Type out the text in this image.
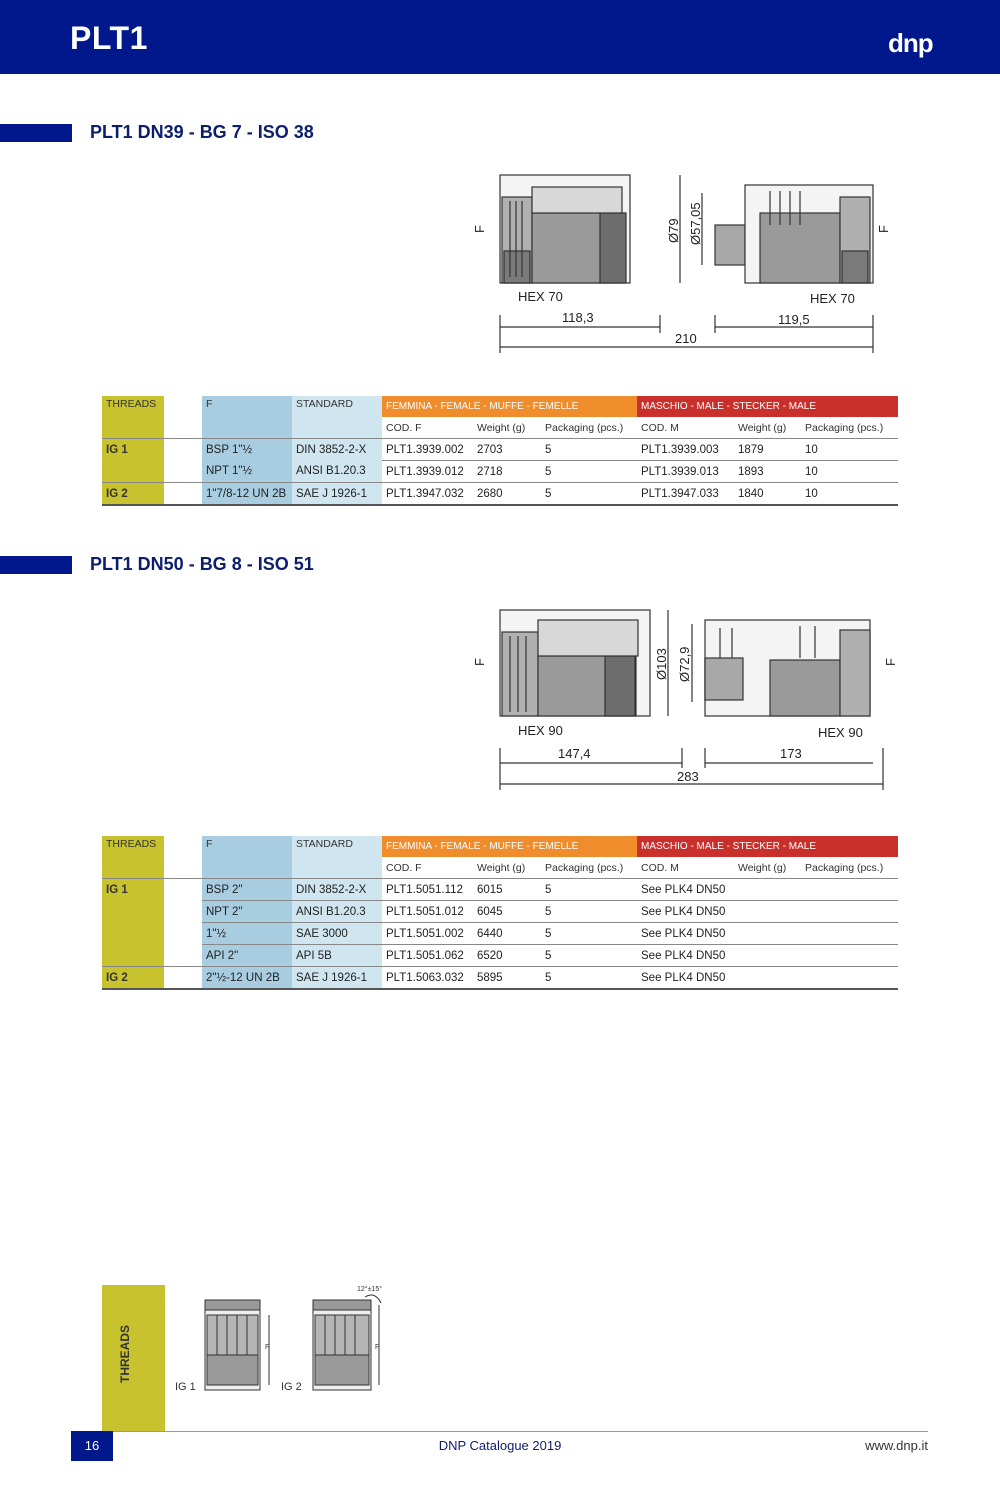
PLT1	dnp
PLT1 DN39 - BG 7 - ISO 38
F	F
Ø79 Ø57,05
HEX 70	HEX 70
118,3	119,5
210
THREADS		F	STANDARD	FEMMINA - FEMALE - MUFFE - FEMELLE			MASCHIO - MALE - STECKER - MALE		
				COD. F	Weight (g)	Packaging (pcs.)	COD. M	Weight (g)	Packaging (pcs.)
IG 1		BSP 1"½	DIN 3852-2-X	PLT1.3939.002	2703	5	PLT1.3939.003	1879	10
		NPT 1"½	ANSI B1.20.3	PLT1.3939.012	2718	5	PLT1.3939.013	1893	10
IG 2		1"7/8-12 UN 2B	SAE J 1926-1	PLT1.3947.032	2680	5	PLT1.3947.033	1840	10
PLT1 DN50 - BG 8 - ISO 51
F	F
Ø103 Ø72,9
HEX 90	HEX 90
147,4	173
283
THREADS		F	STANDARD	FEMMINA - FEMALE - MUFFE - FEMELLE			MASCHIO - MALE - STECKER - MALE		
				COD. F	Weight (g)	Packaging (pcs.)	COD. M	Weight (g)	Packaging (pcs.)
IG 1		BSP 2"	DIN 3852-2-X	PLT1.5051.112	6015	5	See PLK4 DN50		
		NPT 2"	ANSI B1.20.3	PLT1.5051.012	6045	5	See PLK4 DN50		
		1"½	SAE 3000	PLT1.5051.002	6440	5	See PLK4 DN50		
		API 2"	API 5B	PLT1.5051.062	6520	5	See PLK4 DN50		
IG 2		2"½-12 UN 2B	SAE J 1926-1	PLT1.5063.032	5895	5	See PLK4 DN50		
THREADS	F	F
12°±15°
IG 1	IG 2
16	DNP Catalogue 2019	www.dnp.it
